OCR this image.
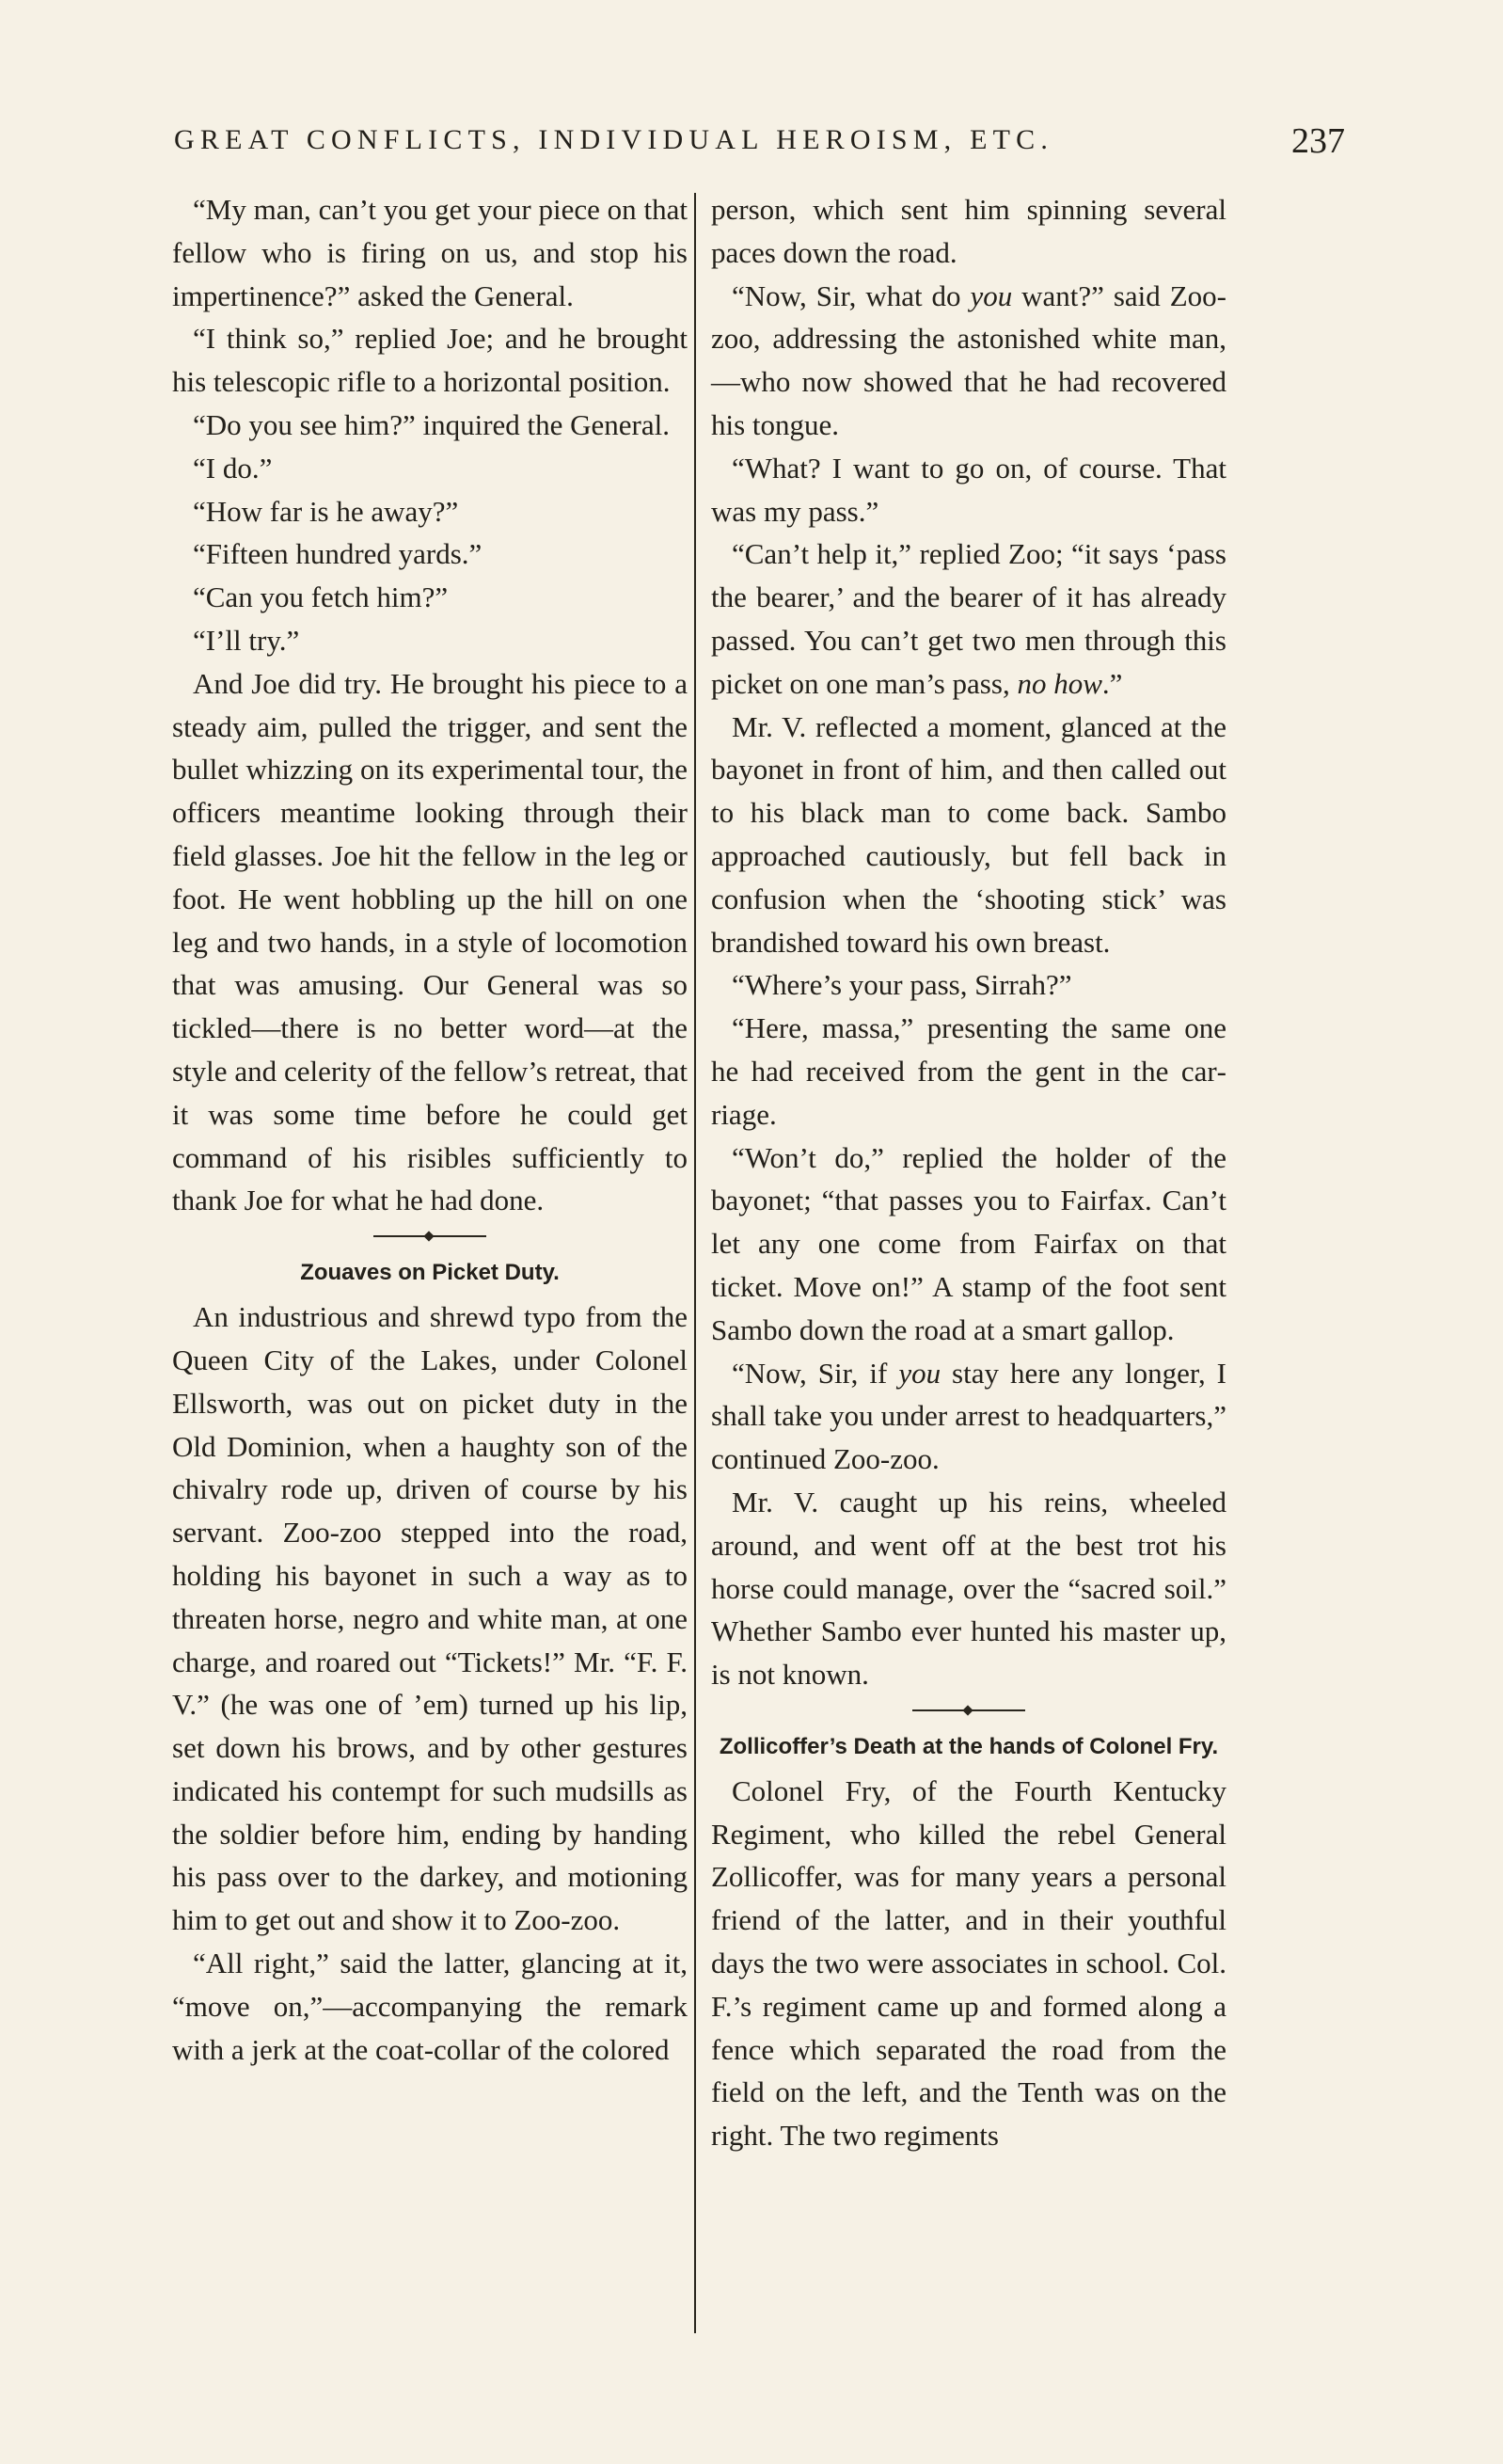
GREAT CONFLICTS, INDIVIDUAL HEROISM, ETC.	237

“My man, can’t you get your piece on that fellow who is firing on us, and stop his impertinence?” asked the General.

“I think so,” replied Joe; and he brought his telescopic rifle to a horizontal position.

“Do you see him?” inquired the General.

“I do.”

“How far is he away?”

“Fifteen hundred yards.”

“Can you fetch him?”

“I’ll try.”

And Joe did try. He brought his piece to a steady aim, pulled the trigger, and sent the bullet whizzing on its experimental tour, the officers meantime looking through their field glasses. Joe hit the fellow in the leg or foot. He went hobbling up the hill on one leg and two hands, in a style of locomotion that was amusing. Our General was so tickled—there is no better word—at the style and celerity of the fellow’s retreat, that it was some time before he could get command of his risibles sufficiently to thank Joe for what he had done.

Zouaves on Picket Duty.

An industrious and shrewd typo from the Queen City of the Lakes, under Colonel Ellsworth, was out on picket duty in the Old Dominion, when a haughty son of the chivalry rode up, driven of course by his servant. Zoo-zoo stepped into the road, holding his bayonet in such a way as to threaten horse, negro and white man, at one charge, and roared out “Tickets!” Mr. “F. F. V.” (he was one of ’em) turned up his lip, set down his brows, and by other gestures indicated his contempt for such mudsills as the soldier before him, ending by handing his pass over to the darkey, and motioning him to get out and show it to Zoo-zoo.

“All right,” said the latter, glancing at it, “move on,”—accompanying the remark with a jerk at the coat-collar of the colored

person, which sent him spinning several paces down the road.

“Now, Sir, what do you want?” said Zoo-zoo, addressing the astonished white man,—who now showed that he had recovered his tongue.

“What? I want to go on, of course. That was my pass.”

“Can’t help it,” replied Zoo; “it says ‘pass the bearer,’ and the bearer of it has already passed. You can’t get two men through this picket on one man’s pass, no how.”

Mr. V. reflected a moment, glanced at the bayonet in front of him, and then called out to his black man to come back. Sambo approached cautiously, but fell back in confusion when the ‘shooting stick’ was brandished toward his own breast.

“Where’s your pass, Sirrah?”

“Here, massa,” presenting the same one he had received from the gent in the carriage.

“Won’t do,” replied the holder of the bayonet; “that passes you to Fairfax. Can’t let any one come from Fairfax on that ticket. Move on!” A stamp of the foot sent Sambo down the road at a smart gallop.

“Now, Sir, if you stay here any longer, I shall take you under arrest to headquarters,” continued Zoo-zoo.

Mr. V. caught up his reins, wheeled around, and went off at the best trot his horse could manage, over the “sacred soil.” Whether Sambo ever hunted his master up, is not known.

Zollicoffer’s Death at the hands of Colonel Fry.

Colonel Fry, of the Fourth Kentucky Regiment, who killed the rebel General Zollicoffer, was for many years a personal friend of the latter, and in their youthful days the two were associates in school. Col. F.’s regiment came up and formed along a fence which separated the road from the field on the left, and the Tenth was on the right. The two regiments
